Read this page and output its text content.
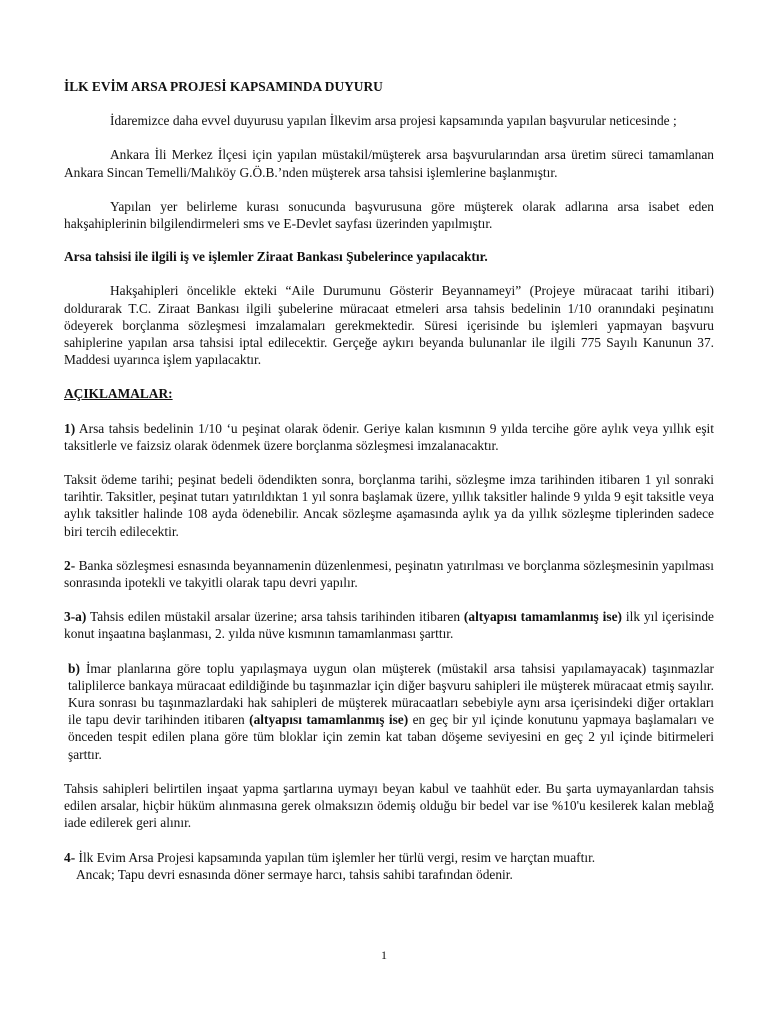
İLK EVİM ARSA PROJESİ KAPSAMINDA DUYURU

İdaremizce daha evvel duyurusu yapılan İlkevim arsa projesi kapsamında yapılan başvurular neticesinde ;

Ankara İli Merkez İlçesi için yapılan müstakil/müşterek arsa başvurularından arsa üretim süreci tamamlanan Ankara Sincan Temelli/Malıköy G.Ö.B.’nden müşterek arsa tahsisi işlemlerine başlanmıştır.

Yapılan yer belirleme kurası sonucunda başvurusuna göre müşterek olarak adlarına arsa isabet eden hakşahiplerinin bilgilendirmeleri sms ve E-Devlet sayfası üzerinden yapılmıştır.

Arsa tahsisi ile ilgili iş ve işlemler Ziraat Bankası Şubelerince yapılacaktır.

Hakşahipleri öncelikle ekteki “Aile Durumunu Gösterir Beyannameyi” (Projeye müracaat tarihi itibari) doldurarak T.C. Ziraat Bankası ilgili şubelerine müracaat etmeleri arsa tahsis bedelinin 1/10 oranındaki peşinatını ödeyerek borçlanma sözleşmesi imzalamaları gerekmektedir. Süresi içerisinde bu işlemleri yapmayan başvuru sahiplerine yapılan arsa tahsisi iptal edilecektir. Gerçeğe aykırı beyanda bulunanlar ile ilgili 775 Sayılı Kanunun 37. Maddesi uyarınca işlem yapılacaktır.

AÇIKLAMALAR:

1) Arsa tahsis bedelinin 1/10 ‘u peşinat olarak ödenir. Geriye kalan kısmının 9 yılda tercihe göre aylık veya yıllık eşit taksitlerle ve faizsiz olarak ödenmek üzere borçlanma sözleşmesi imzalanacaktır.

Taksit ödeme tarihi; peşinat bedeli ödendikten sonra, borçlanma tarihi, sözleşme imza tarihinden itibaren 1 yıl sonraki tarihtir. Taksitler, peşinat tutarı yatırıldıktan 1 yıl sonra başlamak üzere, yıllık taksitler halinde 9 yılda 9 eşit taksitle veya aylık taksitler halinde 108 ayda ödenebilir. Ancak sözleşme aşamasında aylık ya da yıllık sözleşme tiplerinden sadece biri tercih edilecektir.

2- Banka sözleşmesi esnasında beyannamenin düzenlenmesi, peşinatın yatırılması ve borçlanma sözleşmesinin yapılması sonrasında ipotekli ve takyitli olarak tapu devri yapılır.

3-a) Tahsis edilen müstakil arsalar üzerine; arsa tahsis tarihinden itibaren (altyapısı tamamlanmış ise) ilk yıl içerisinde konut inşaatına başlanması, 2. yılda nüve kısmının tamamlanması şarttır.

b) İmar planlarına göre toplu yapılaşmaya uygun olan müşterek (müstakil arsa tahsisi yapılamayacak) taşınmazlar taliplilerce bankaya müracaat edildiğinde bu taşınmazlar için diğer başvuru sahipleri ile müşterek müracaat etmiş sayılır. Kura sonrası bu taşınmazlardaki hak sahipleri de müşterek müracaatları sebebiyle aynı arsa içerisindeki diğer ortakları ile tapu devir tarihinden itibaren (altyapısı tamamlanmış ise) en geç bir yıl içinde konutunu yapmaya başlamaları ve önceden tespit edilen plana göre tüm bloklar için zemin kat taban döşeme seviyesini en geç 2 yıl içinde bitirmeleri şarttır.

Tahsis sahipleri belirtilen inşaat yapma şartlarına uymayı beyan kabul ve taahhüt eder. Bu şarta uymayanlardan tahsis edilen arsalar, hiçbir hüküm alınmasına gerek olmaksızın ödemiş olduğu bir bedel var ise %10'u kesilerek kalan meblağ iade edilerek geri alınır.

4- İlk Evim Arsa Projesi kapsamında yapılan tüm işlemler her türlü vergi, resim ve harçtan muaftır.

Ancak; Tapu devri esnasında döner sermaye harcı, tahsis sahibi tarafından ödenir.

1
